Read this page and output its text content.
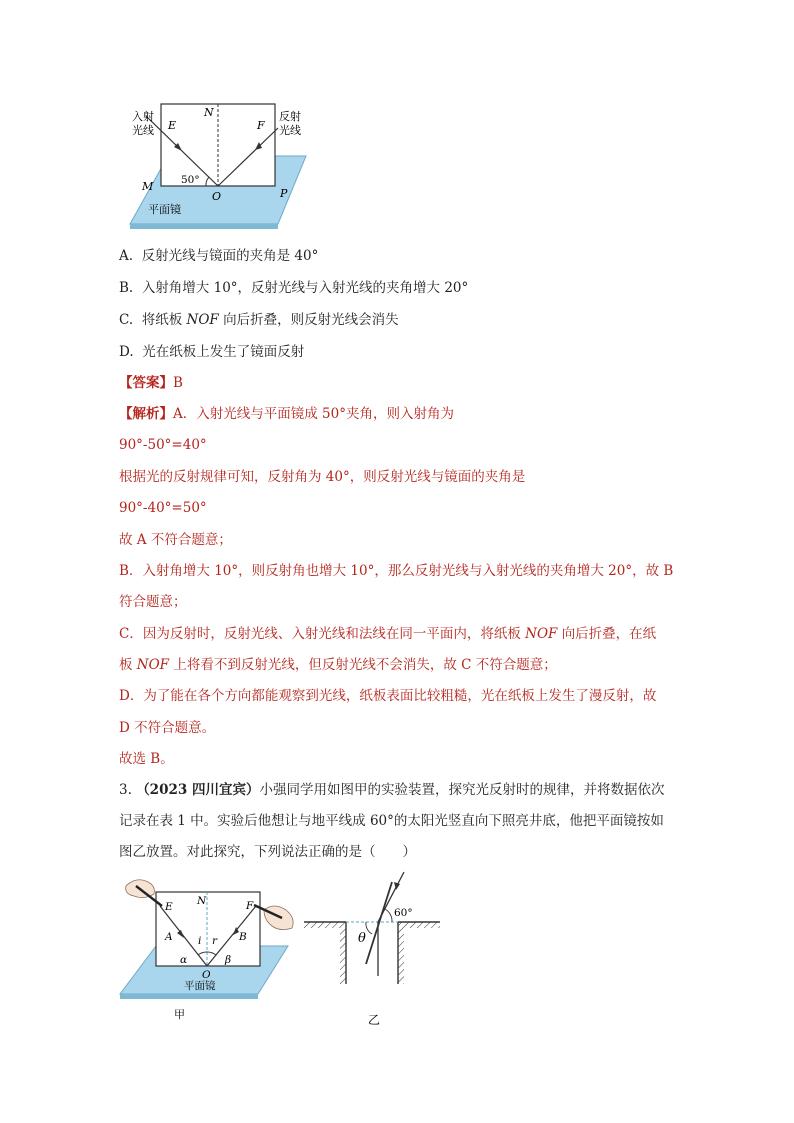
入射
光线
反射
光线
E
N
F
M	50°
O	P
平面镜
A. 反射光线与镜面的夹角是 40°
B. 入射角增大 10°，反射光线与入射光线的夹角增大 20°
C. 将纸板 NOF 向后折叠，则反射光线会消失
D. 光在纸板上发生了镜面反射
【答案】B
【解析】A．入射光线与平面镜成 50°夹角，则入射角为
90°-50°=40°
根据光的反射规律可知，反射角为 40°，则反射光线与镜面的夹角是
90°-40°=50°
故 A 不符合题意；
B．入射角增大 10°，则反射角也增大 10°，那么反射光线与入射光线的夹角增大 20°，故 B
符合题意；
C．因为反射时，反射光线、入射光线和法线在同一平面内，将纸板 NOF 向后折叠，在纸
板 NOF 上将看不到反射光线，但反射光线不会消失，故 C 不符合题意；
D．为了能在各个方向都能观察到光线，纸板表面比较粗糙，光在纸板上发生了漫反射，故
D 不符合题意。
故选 B。
3. （2023 四川宜宾）小强同学用如图甲的实验装置，探究光反射时的规律，并将数据依次
记录在表 1 中。实验后他想让与地平线成 60°的太阳光竖直向下照亮井底，他把平面镜按如
图乙放置。对此探究，下列说法正确的是（　　）
E N	F
A	B
i r
α	β
O
平面镜
甲
60°
θ
乙
